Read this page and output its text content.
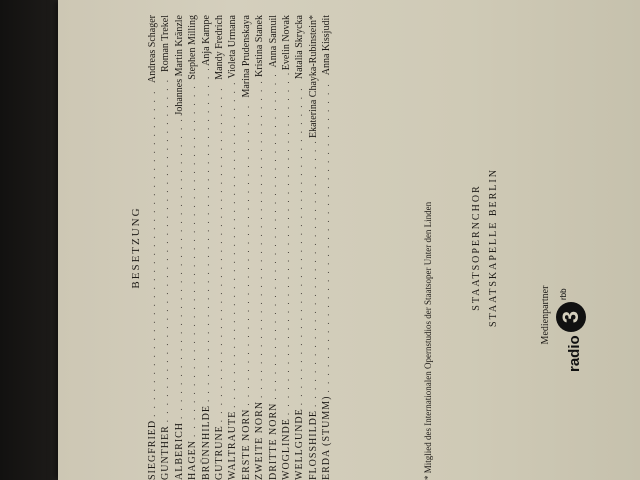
BESETZUNG
SIEGFRIED
. . .
Andreas Schager
GUNTHER
. . .
Roman Trekel
ALBERICH
. . .
Johannes Martin Kränzle
HAGEN
. . .
Stephen Milling
BRÜNNHILDE
. . .
Anja Kampe
GUTRUNE
. . .
Mandy Fredrich
WALTRAUTE
. . .
Violeta Urmana
ERSTE NORN
. . .
Marina Prudenskaya
ZWEITE NORN
. . .
Kristina Stanek
DRITTE NORN
. . .
Anna Samuil
WOGLINDE
. . .
Evelin Novak
WELLGUNDE
. . .
Natalia Skrycka
FLOSSHILDE
. . .
Ekaterina Chayka-Rubinstein*
ERDA (STUMM)
. . .
Anna Kissjudit
* Mitglied des Internationalen Opernstudios der Staatsoper Unter den Linden	STAATSOPERNCHOR STAATSKAPELLE BERLIN	Medienpartner
radio
3
rbb
